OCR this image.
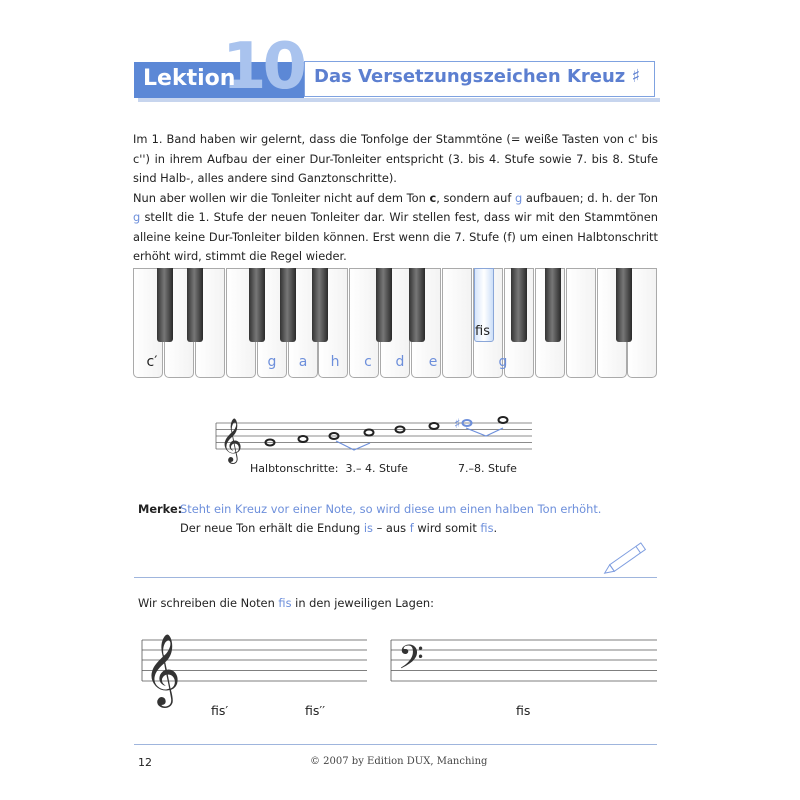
10
Lektion	Das Versetzungszeichen Kreuz ♯
Im 1. Band haben wir gelernt, dass die Tonfolge der Stammtöne (= weiße Tasten von c' bis c'') in ihrem Aufbau der einer Dur-Tonleiter entspricht (3. bis 4. Stufe sowie 7. bis 8. Stufe sind Halb-, alles andere sind Ganztonschritte).
Nun aber wollen wir die Tonleiter nicht auf dem Ton c, sondern auf g aufbauen; d. h. der Ton g stellt die 1. Stufe der neuen Tonleiter dar. Wir stellen fest, dass wir mit den Stammtönen alleine keine Dur-Tonleiter bilden können. Erst wenn die 7. Stufe (f) um einen Halbtonschritt erhöht wird, stimmt die Regel wieder.
fis
c′	g	a	h	c	d	e	g
𝄞	♯
𝄞	𝄢
Halbtonschritte:  3.– 4. Stufe	7.–8. Stufe
Merke:
Steht ein Kreuz vor einer Note, so wird diese um einen halben Ton erhöht.
Der neue Ton erhält die Endung is – aus f wird somit fis.
Wir schreiben die Noten fis in den jeweiligen Lagen:
fis′	fis′′	fis
12	© 2007 by Edition DUX, Manching
